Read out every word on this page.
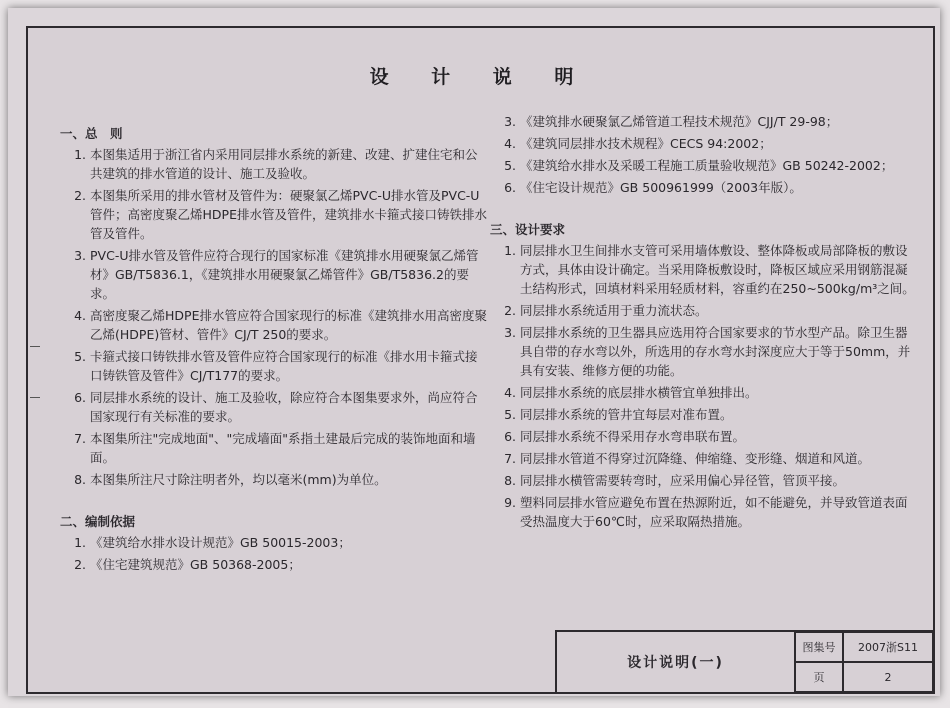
设 计 说 明
一、总　则
1. 本图集适用于浙江省内采用同层排水系统的新建、改建、扩建住宅和公共建筑的排水管道的设计、施工及验收。
2. 本图集所采用的排水管材及管件为：硬聚氯乙烯PVC-U排水管及PVC-U管件；高密度聚乙烯HDPE排水管及管件，建筑排水卡箍式接口铸铁排水管及管件。
3. PVC-U排水管及管件应符合现行的国家标准《建筑排水用硬聚氯乙烯管材》GB/T5836.1，《建筑排水用硬聚氯乙烯管件》GB/T5836.2的要求。
4. 高密度聚乙烯HDPE排水管应符合国家现行的标准《建筑排水用高密度聚乙烯(HDPE)管材、管件》CJ/T 250的要求。
5. 卡箍式接口铸铁排水管及管件应符合国家现行的标准《排水用卡箍式接口铸铁管及管件》CJ/T177的要求。
6. 同层排水系统的设计、施工及验收，除应符合本图集要求外，尚应符合国家现行有关标准的要求。
7. 本图集所注"完成地面"、"完成墙面"系指土建最后完成的装饰地面和墙面。
8. 本图集所注尺寸除注明者外，均以毫米(mm)为单位。
二、编制依据
1. 《建筑给水排水设计规范》GB 50015-2003；
2. 《住宅建筑规范》GB 50368-2005；
3. 《建筑排水硬聚氯乙烯管道工程技术规范》CJJ/T 29-98；
4. 《建筑同层排水技术规程》CECS 94:2002；
5. 《建筑给水排水及采暖工程施工质量验收规范》GB 50242-2002；
6. 《住宅设计规范》GB 500961999（2003年版）。
三、设计要求
1. 同层排水卫生间排水支管可采用墙体敷设、整体降板或局部降板的敷设方式，具体由设计确定。当采用降板敷设时，降板区域应采用钢筋混凝土结构形式，回填材料采用轻质材料，容重约在250~500kg/m³之间。
2. 同层排水系统适用于重力流状态。
3. 同层排水系统的卫生器具应选用符合国家要求的节水型产品。除卫生器具自带的存水弯以外，所选用的存水弯水封深度应大于等于50mm，并具有安装、维修方便的功能。
4. 同层排水系统的底层排水横管宜单独排出。
5. 同层排水系统的管井宜每层对准布置。
6. 同层排水系统不得采用存水弯串联布置。
7. 同层排水管道不得穿过沉降缝、伸缩缝、变形缝、烟道和风道。
8. 同层排水横管需要转弯时，应采用偏心异径管，管顶平接。
9. 塑料同层排水管应避免布置在热源附近，如不能避免，并导致管道表面受热温度大于60℃时，应采取隔热措施。
设计说明(一)
图集号	2007浙S11
页	2
